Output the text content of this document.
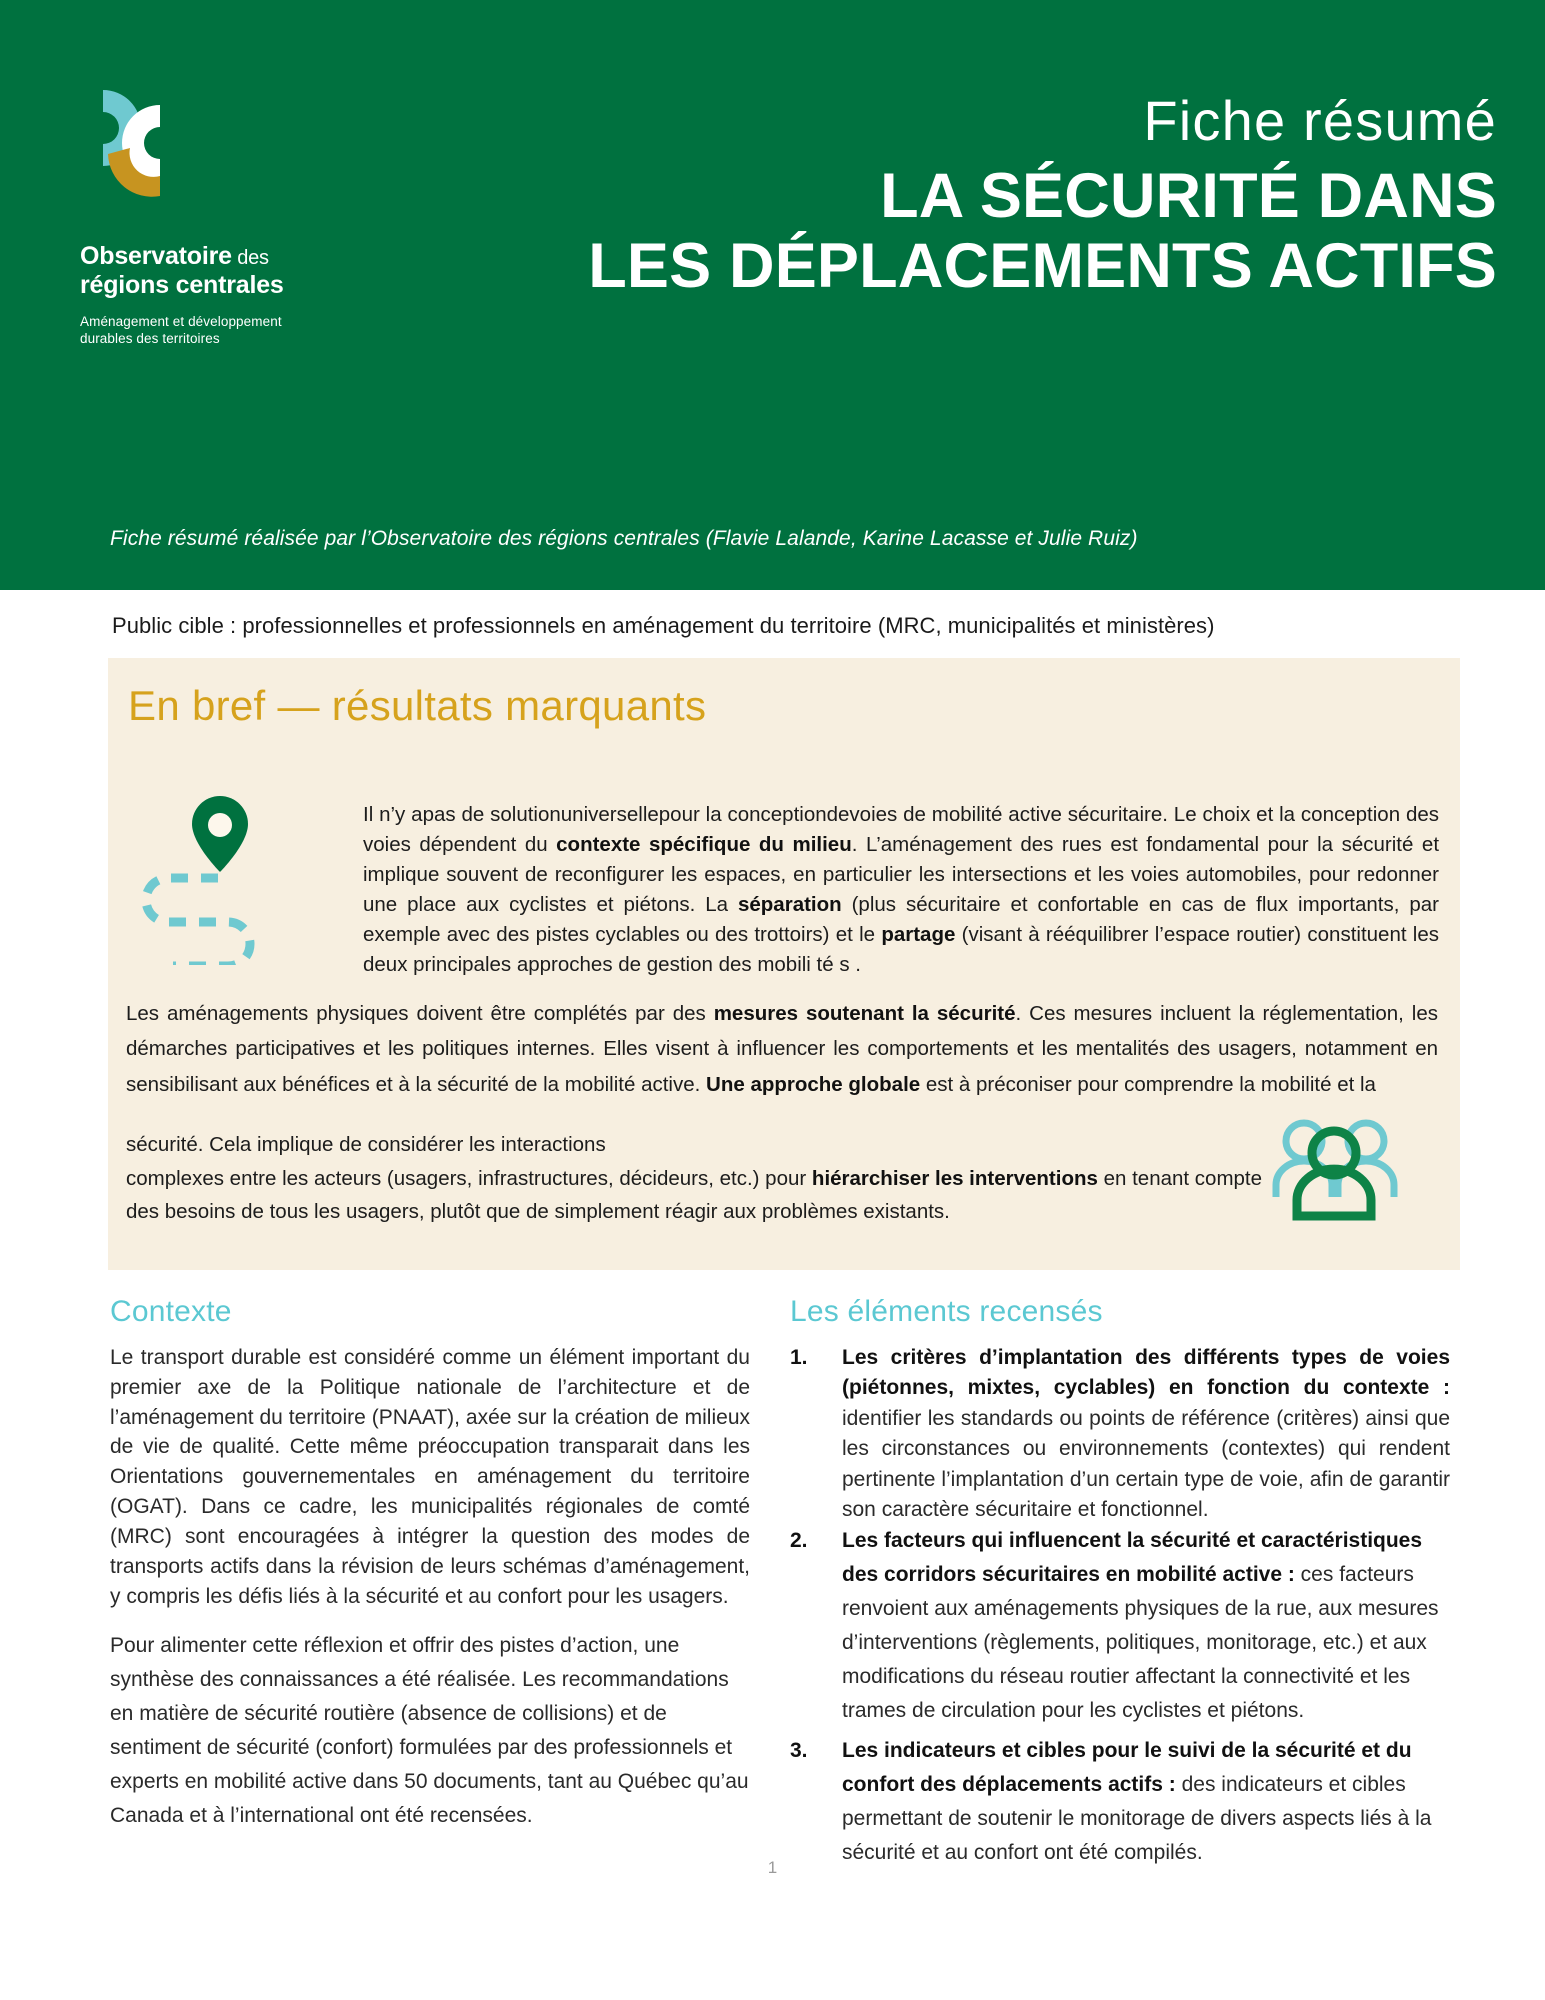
Observatoire des
régions centrales
Aménagement et développement
durables des territoires
Fiche résumé
LA SÉCURITÉ DANS
LES DÉPLACEMENTS ACTIFS
Fiche résumé réalisée par l’Observatoire des régions centrales (Flavie Lalande, Karine Lacasse et Julie Ruiz)
Public cible : professionnelles et professionnels en aménagement du territoire (MRC, municipalités et ministères)
En bref — résultats marquants
Il n’y apas de solutionuniversellepour la conceptiondevoies de mobilité active sécuritaire. Le choix et la conception des voies dépendent du contexte spécifique du milieu. L’aménagement des rues est fondamental pour la sécurité et implique souvent de reconfigurer les espaces, en particulier les intersections et les voies automobiles, pour redonner une place aux cyclistes et piétons. La séparation (plus sécuritaire et confortable en cas de flux importants, par exemple avec des pistes cyclables ou des trottoirs) et le partage (visant à rééquilibrer l’espace routier) constituent les deux principales approches de gestion des mobili té s .
Les aménagements physiques doivent être complétés par des mesures soutenant la sécurité. Ces mesures incluent la réglementation, les démarches participatives et les politiques internes. Elles visent à influencer les comportements et les mentalités des usagers, notamment en sensibilisant aux bénéfices et à la sécurité de la mobilité active. Une approche globale est à préconiser pour comprendre la mobilité et la
sécurité. Cela implique de considérer les interactions
complexes entre les acteurs (usagers, infrastructures, décideurs, etc.) pour hiérarchiser les interventions en tenant compte
des besoins de tous les usagers, plutôt que de simplement réagir aux problèmes existants.
Contexte

Le transport durable est considéré comme un élément important du premier axe de la Politique nationale de l’architecture et de l’aménagement du territoire (PNAAT), axée sur la création de milieux de vie de qualité. Cette même préoccupation transparait dans les Orientations gouvernementales en aménagement du territoire (OGAT). Dans ce cadre, les municipalités régionales de comté (MRC) sont encouragées à intégrer la question des modes de transports actifs dans la révision de leurs schémas d’aménagement, y compris les défis liés à la sécurité et au confort pour les usagers.

Pour alimenter cette réflexion et offrir des pistes d’action, une synthèse des connaissances a été réalisée. Les recommandations en matière de sécurité routière (absence de collisions) et de sentiment de sécurité (confort) formulées par des professionnels et experts en mobilité active dans 50 documents, tant au Québec qu’au Canada et à l’international ont été recensées.

Les éléments recensés
1. Les critères d’implantation des différents types de voies (piétonnes, mixtes, cyclables) en fonction du contexte : identifier les standards ou points de référence (critères) ainsi que les circonstances ou environnements (contextes) qui rendent pertinente l’implantation d’un certain type de voie, afin de garantir son caractère sécuritaire et fonctionnel.
2. Les facteurs qui influencent la sécurité et caractéristiques des corridors sécuritaires en mobilité active : ces facteurs renvoient aux aménagements physiques de la rue, aux mesures d’interventions (règlements, politiques, monitorage, etc.) et aux modifications du réseau routier affectant la connectivité et les trames de circulation pour les cyclistes et piétons.
3. Les indicateurs et cibles pour le suivi de la sécurité et du confort des déplacements actifs : des indicateurs et cibles permettant de soutenir le monitorage de divers aspects liés à la sécurité et au confort ont été compilés.
1
